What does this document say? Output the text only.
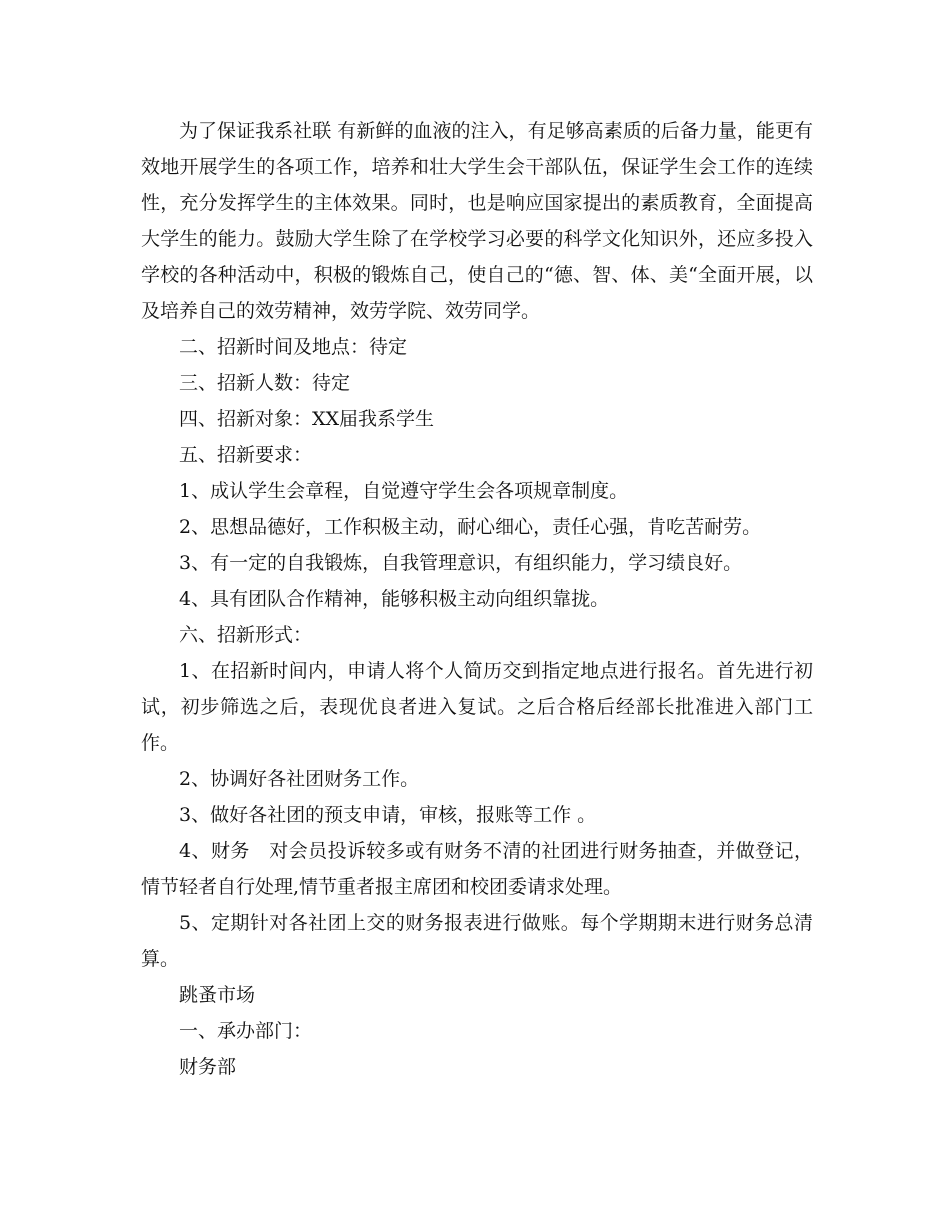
为了保证我系社联 有新鲜的血液的注入，有足够高素质的后备力量，能更有效地开展学生的各项工作，培养和壮大学生会干部队伍，保证学生会工作的连续性，充分发挥学生的主体效果。同时，也是响应国家提出的素质教育，全面提高大学生的能力。鼓励大学生除了在学校学习必要的科学文化知识外，还应多投入学校的各种活动中，积极的锻炼自己，使自己的“德、智、体、美“全面开展，以及培养自己的效劳精神，效劳学院、效劳同学。

二、招新时间及地点：待定

三、招新人数：待定

四、招新对象：XX届我系学生

五、招新要求：

1、成认学生会章程，自觉遵守学生会各项规章制度。

2、思想品德好，工作积极主动，耐心细心，责任心强，肯吃苦耐劳。

3、有一定的自我锻炼，自我管理意识，有组织能力，学习绩良好。

4、具有团队合作精神，能够积极主动向组织靠拢。

六、招新形式：

1、在招新时间内，申请人将个人简历交到指定地点进行报名。首先进行初试，初步筛选之后，表现优良者进入复试。之后合格后经部长批准进入部门工作。

2、协调好各社团财务工作。

3、做好各社团的预支申请，审核，报账等工作 。

4、财务　对会员投诉较多或有财务不清的社团进行财务抽查，并做登记，情节轻者自行处理,情节重者报主席团和校团委请求处理。

5、定期针对各社团上交的财务报表进行做账。每个学期期末进行财务总清算。

跳蚤市场

一、承办部门：

财务部
